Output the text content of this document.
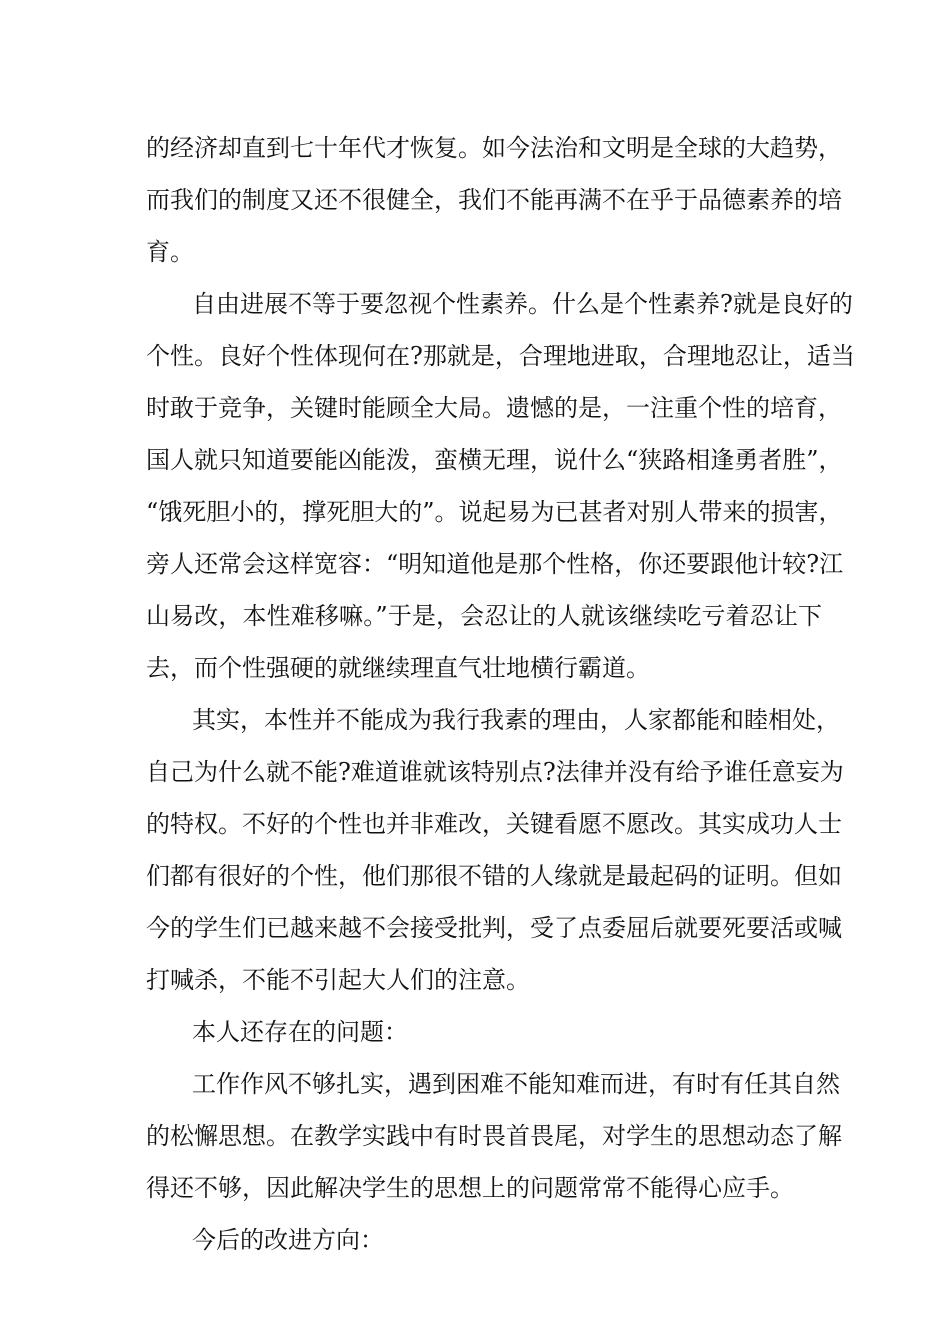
的经济却直到七十年代才恢复。如今法治和文明是全球的大趋势，
而我们的制度又还不很健全，我们不能再满不在乎于品德素养的培
育。
自由进展不等于要忽视个性素养。什么是个性素养?就是良好的
个性。良好个性体现何在?那就是，合理地进取，合理地忍让，适当
时敢于竞争，关键时能顾全大局。遗憾的是，一注重个性的培育，
国人就只知道要能凶能泼，蛮横无理，说什么“狭路相逢勇者胜”，
“饿死胆小的，撑死胆大的”。说起易为已甚者对别人带来的损害，
旁人还常会这样宽容：“明知道他是那个性格，你还要跟他计较?江
山易改，本性难移嘛。”于是，会忍让的人就该继续吃亏着忍让下
去，而个性强硬的就继续理直气壮地横行霸道。
其实，本性并不能成为我行我素的理由，人家都能和睦相处，
自己为什么就不能?难道谁就该特别点?法律并没有给予谁任意妄为
的特权。不好的个性也并非难改，关键看愿不愿改。其实成功人士
们都有很好的个性，他们那很不错的人缘就是最起码的证明。但如
今的学生们已越来越不会接受批判，受了点委屈后就要死要活或喊
打喊杀，不能不引起大人们的注意。
本人还存在的问题：
工作作风不够扎实，遇到困难不能知难而进，有时有任其自然
的松懈思想。在教学实践中有时畏首畏尾，对学生的思想动态了解
得还不够，因此解决学生的思想上的问题常常不能得心应手。
今后的改进方向：
